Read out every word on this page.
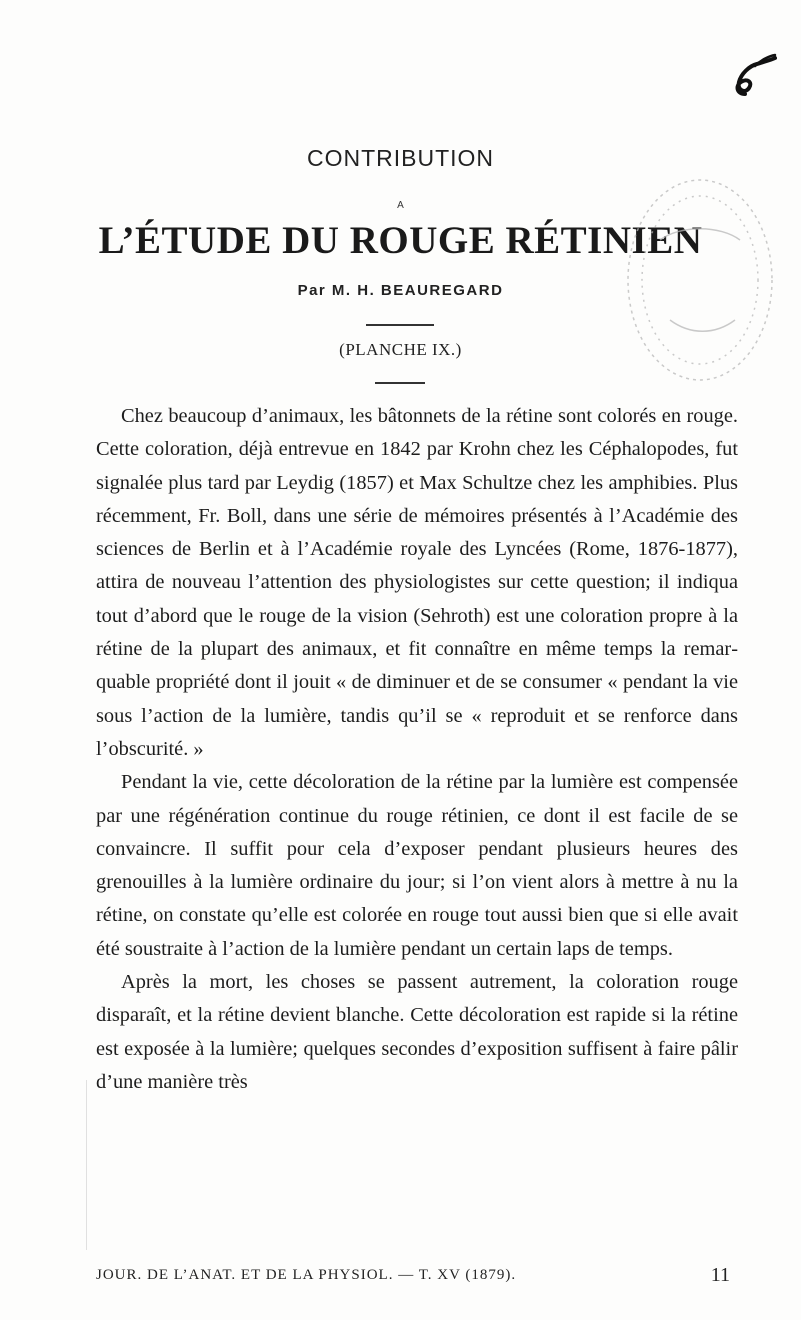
CONTRIBUTION
A
L’ÉTUDE DU ROUGE RÉTINIEN
Par M. H. BEAUREGARD
(PLANCHE IX.)

Chez beaucoup d’animaux, les bâtonnets de la rétine sont colorés en rouge. Cette coloration, déjà entrevue en 1842 par Krohn chez les Céphalopodes, fut signalée plus tard par Leydig (1857) et Max Schultze chez les amphibies. Plus récemment, Fr. Boll, dans une série de mémoires présentés à l’Académie des sciences de Berlin et à l’Académie royale des Lyncées (Rome, 1876-1877), attira de nouveau l’attention des physiologistes sur cette question; il indiqua tout d’abord que le rouge de la vision (Sehroth) est une coloration propre à la rétine de la plupart des animaux, et fit connaître en même temps la remarquable propriété dont il jouit « de diminuer et de se consumer « pendant la vie sous l’action de la lumière, tandis qu’il se « reproduit et se renforce dans l’obscurité. »

Pendant la vie, cette décoloration de la rétine par la lumière est compensée par une régénération continue du rouge rétinien, ce dont il est facile de se convaincre. Il suffit pour cela d’exposer pendant plusieurs heures des grenouilles à la lumière ordinaire du jour; si l’on vient alors à mettre à nu la rétine, on constate qu’elle est colorée en rouge tout aussi bien que si elle avait été soustraite à l’action de la lumière pendant un certain laps de temps.

Après la mort, les choses se passent autrement, la coloration rouge disparaît, et la rétine devient blanche. Cette décoloration est rapide si la rétine est exposée à la lumière; quelques secondes d’exposition suffisent à faire pâlir d’une manière très

JOUR. DE L’ANAT. ET DE LA PHYSIOL. — T. XV (1879).	11
